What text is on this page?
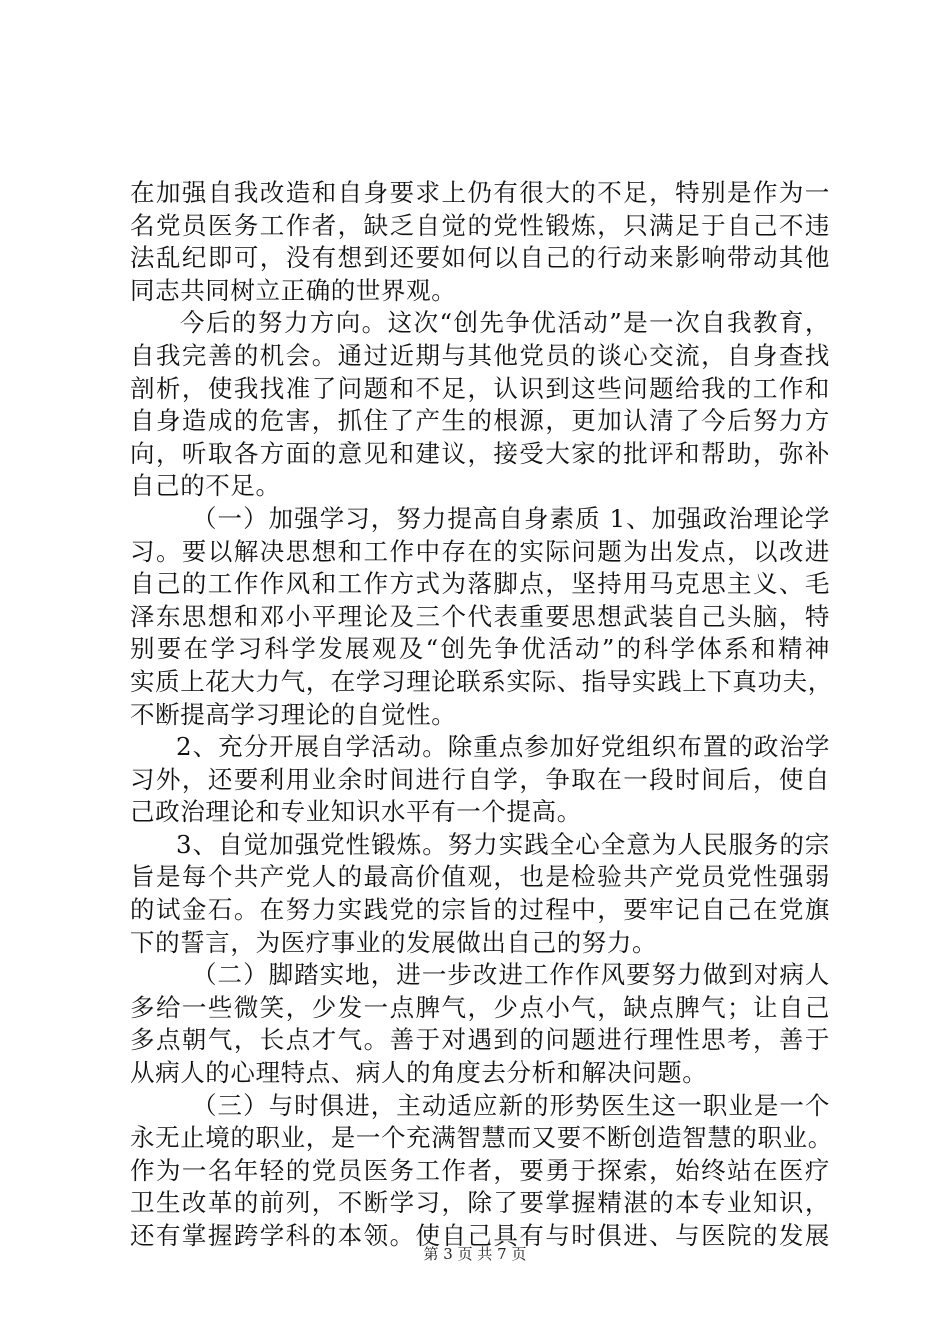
在加强自我改造和自身要求上仍有很大的不足，特别是作为一
名党员医务工作者，缺乏自觉的党性锻炼，只满足于自己不违
法乱纪即可，没有想到还要如何以自己的行动来影响带动其他
同志共同树立正确的世界观。
今后的努力方向。这次“创先争优活动”是一次自我教育，
自我完善的机会。通过近期与其他党员的谈心交流，自身查找
剖析，使我找准了问题和不足，认识到这些问题给我的工作和
自身造成的危害，抓住了产生的根源，更加认清了今后努力方
向，听取各方面的意见和建议，接受大家的批评和帮助，弥补
自己的不足。
（一）加强学习，努力提高自身素质 1、加强政治理论学
习。要以解决思想和工作中存在的实际问题为出发点，以改进
自己的工作作风和工作方式为落脚点，坚持用马克思主义、毛
泽东思想和邓小平理论及三个代表重要思想武装自己头脑，特
别要在学习科学发展观及“创先争优活动”的科学体系和精神
实质上花大力气，在学习理论联系实际、指导实践上下真功夫，
不断提高学习理论的自觉性。
2、充分开展自学活动。除重点参加好党组织布置的政治学
习外，还要利用业余时间进行自学，争取在一段时间后，使自
己政治理论和专业知识水平有一个提高。
3、自觉加强党性锻炼。努力实践全心全意为人民服务的宗
旨是每个共产党人的最高价值观，也是检验共产党员党性强弱
的试金石。在努力实践党的宗旨的过程中，要牢记自己在党旗
下的誓言，为医疗事业的发展做出自己的努力。
（二）脚踏实地，进一步改进工作作风要努力做到对病人
多给一些微笑，少发一点脾气，少点小气，缺点脾气；让自己
多点朝气，长点才气。善于对遇到的问题进行理性思考，善于
从病人的心理特点、病人的角度去分析和解决问题。
（三）与时俱进，主动适应新的形势医生这一职业是一个
永无止境的职业，是一个充满智慧而又要不断创造智慧的职业。
作为一名年轻的党员医务工作者，要勇于探索，始终站在医疗
卫生改革的前列，不断学习，除了要掌握精湛的本专业知识，
还有掌握跨学科的本领。使自己具有与时俱进、与医院的发展
第 3 页 共 7 页
